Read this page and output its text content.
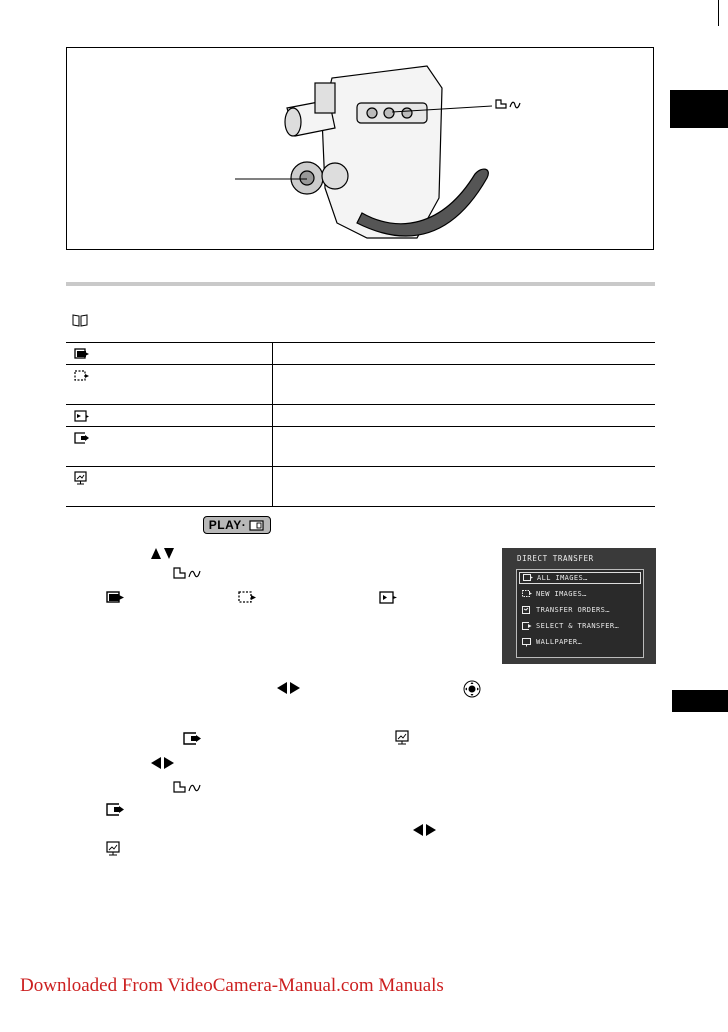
PLAY·
DIRECT TRANSFER
ALL IMAGES…
NEW IMAGES…
TRANSFER ORDERS…
SELECT & TRANSFER…
WALLPAPER…
Downloaded From VideoCamera-Manual.com Manuals
